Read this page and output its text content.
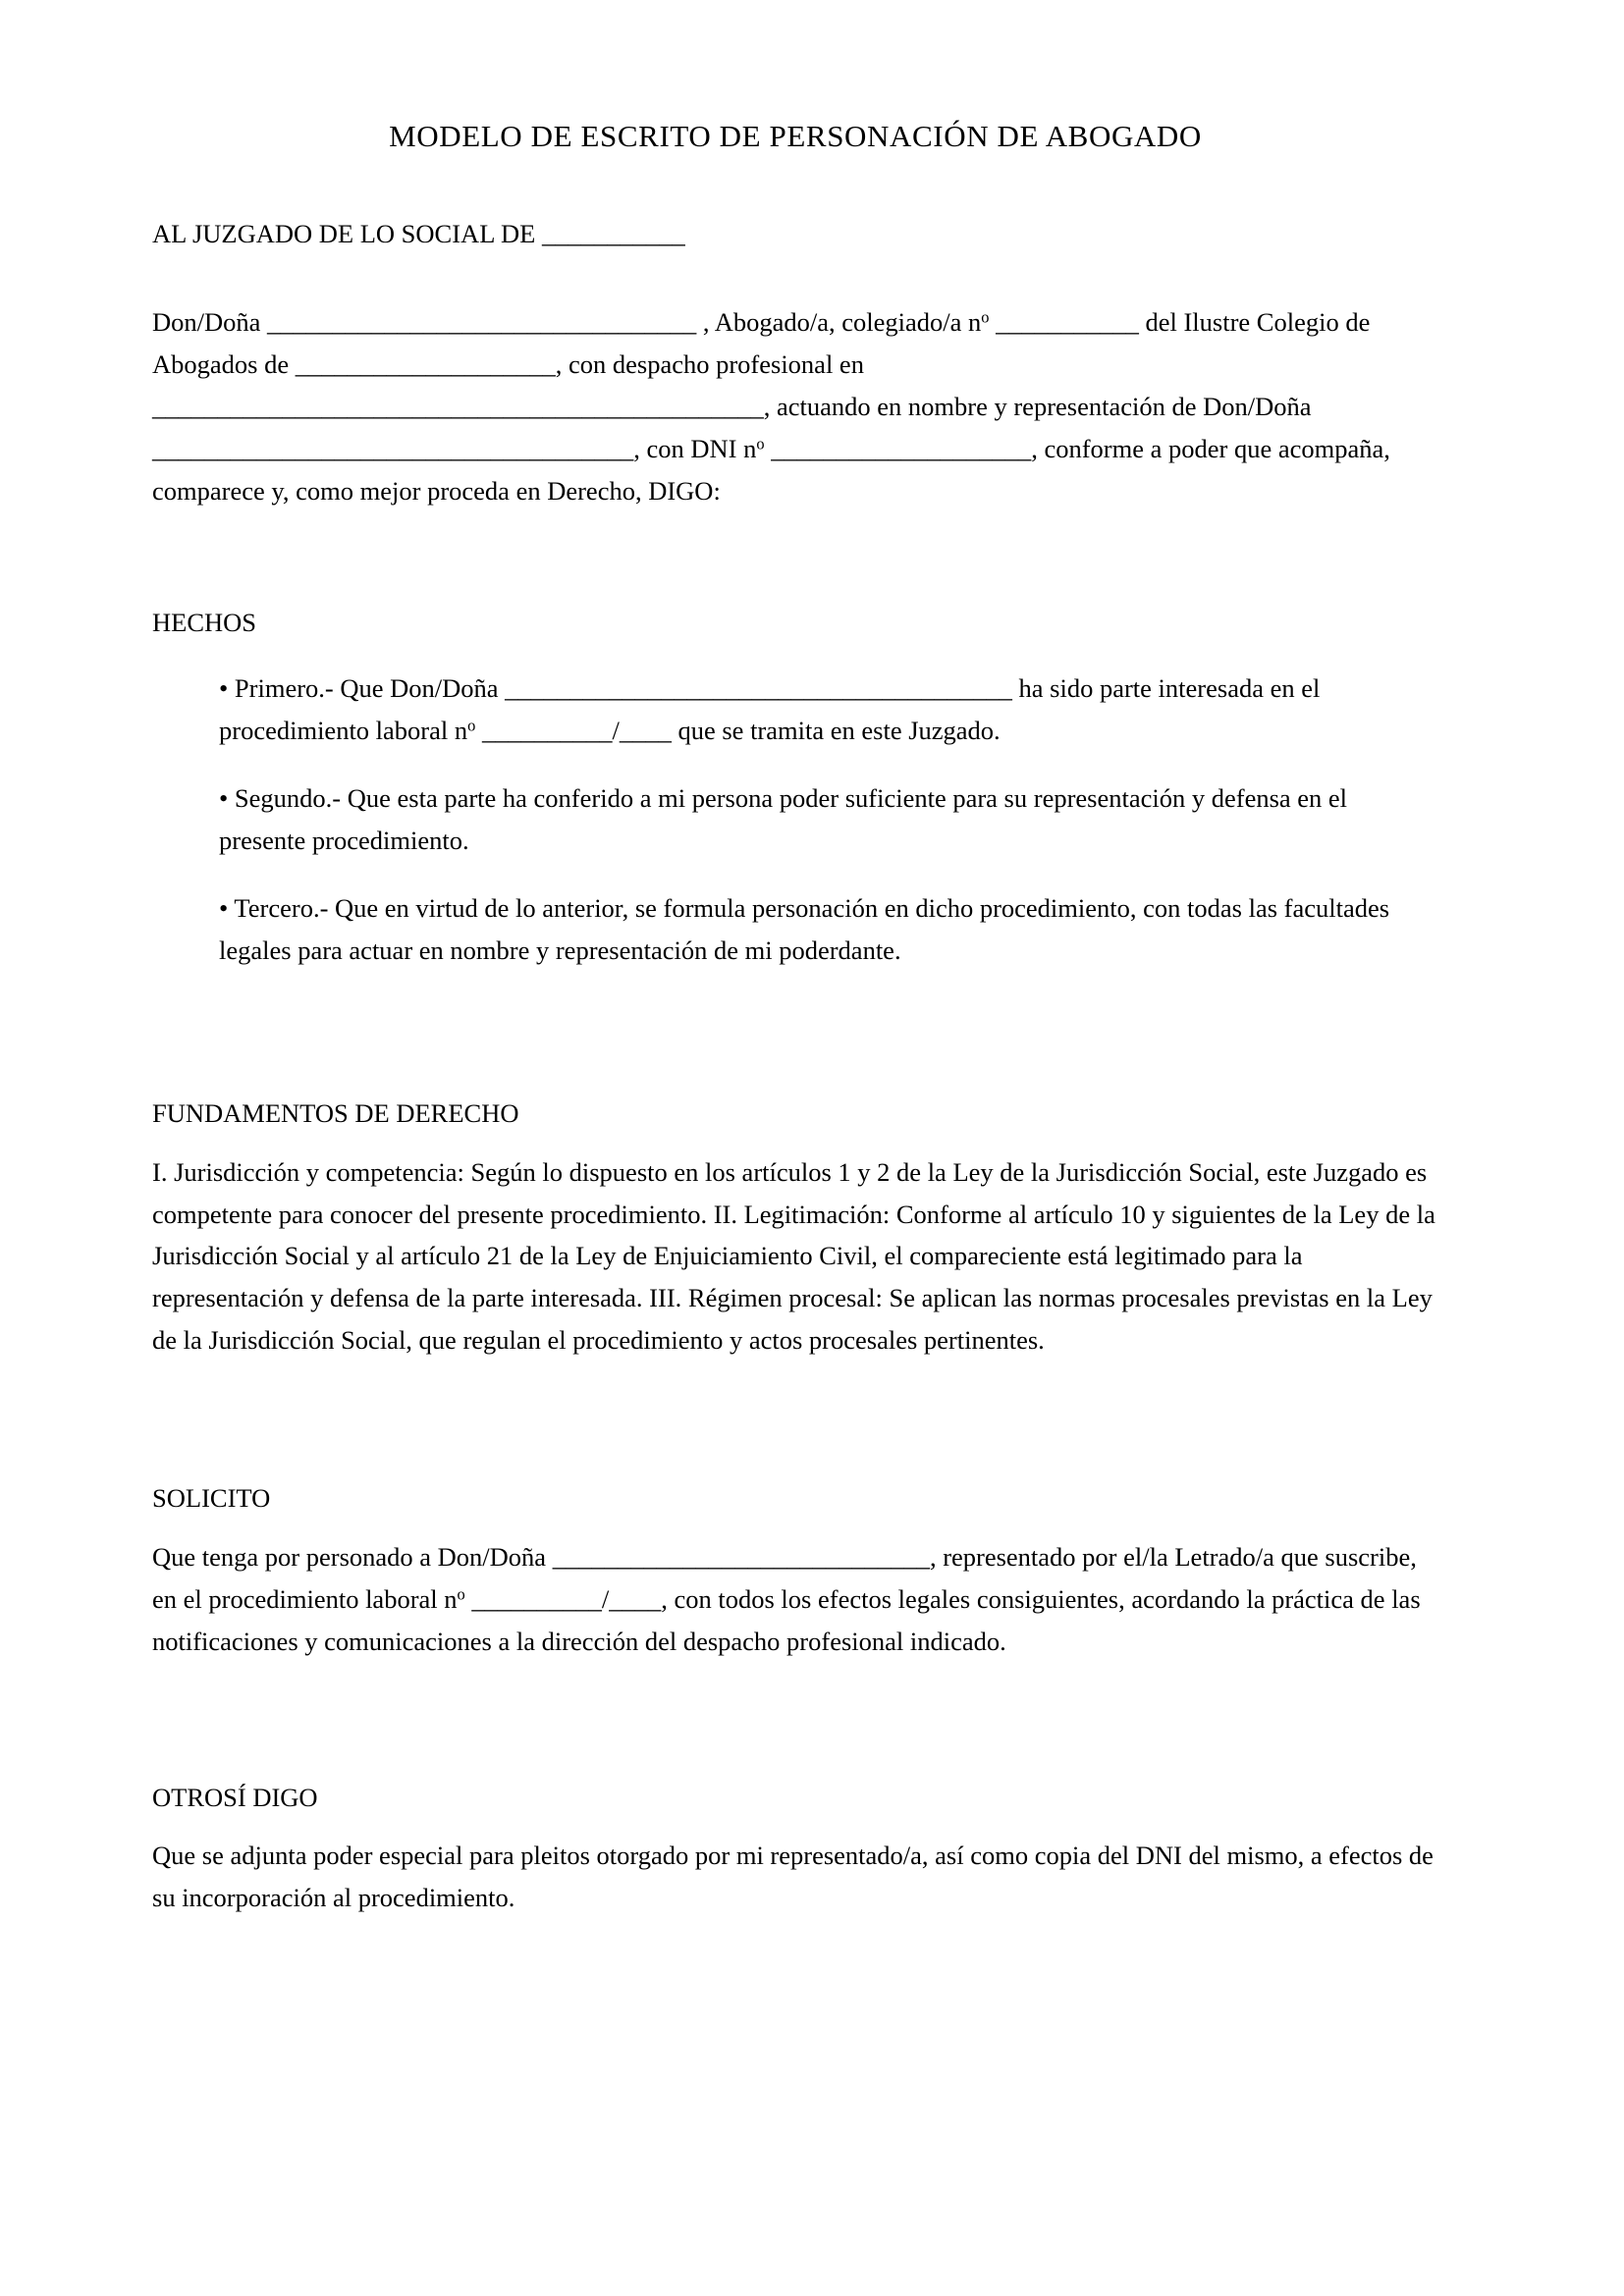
MODELO DE ESCRITO DE PERSONACIÓN DE ABOGADO
AL JUZGADO DE LO SOCIAL DE ___________
Don/Doña _________________________________ , Abogado/a, colegiado/a $n^o$ ___________ del Ilustre Colegio de Abogados de ____________________, con despacho profesional en _______________________________________________, actuando en nombre y representación de Don/Doña _____________________________________, con DNI $n^o$ ____________________, conforme a poder que acompaña, comparece y, como mejor proceda en Derecho, DIGO:
HECHOS
• Primero.- Que Don/Doña _______________________________________ ha sido parte interesada en el procedimiento laboral $n^o$ __________/____ que se tramita en este Juzgado.
• Segundo.- Que esta parte ha conferido a mi persona poder suficiente para su representación y defensa en el presente procedimiento.
• Tercero.- Que en virtud de lo anterior, se formula personación en dicho procedimiento, con todas las facultades legales para actuar en nombre y representación de mi poderdante.
FUNDAMENTOS DE DERECHO
I. Jurisdicción y competencia: Según lo dispuesto en los artículos 1 y 2 de la Ley de la Jurisdicción Social, este Juzgado es competente para conocer del presente procedimiento. II. Legitimación: Conforme al artículo 10 y siguientes de la Ley de la Jurisdicción Social y al artículo 21 de la Ley de Enjuiciamiento Civil, el compareciente está legitimado para la representación y defensa de la parte interesada. III. Régimen procesal: Se aplican las normas procesales previstas en la Ley de la Jurisdicción Social, que regulan el procedimiento y actos procesales pertinentes.
SOLICITO
Que tenga por personado a Don/Doña _____________________________, representado por el/la Letrado/a que suscribe, en el procedimiento laboral $n^o$ __________/____, con todos los efectos legales consiguientes, acordando la práctica de las notificaciones y comunicaciones a la dirección del despacho profesional indicado.
OTROSÍ DIGO
Que se adjunta poder especial para pleitos otorgado por mi representado/a, así como copia del DNI del mismo, a efectos de su incorporación al procedimiento.
